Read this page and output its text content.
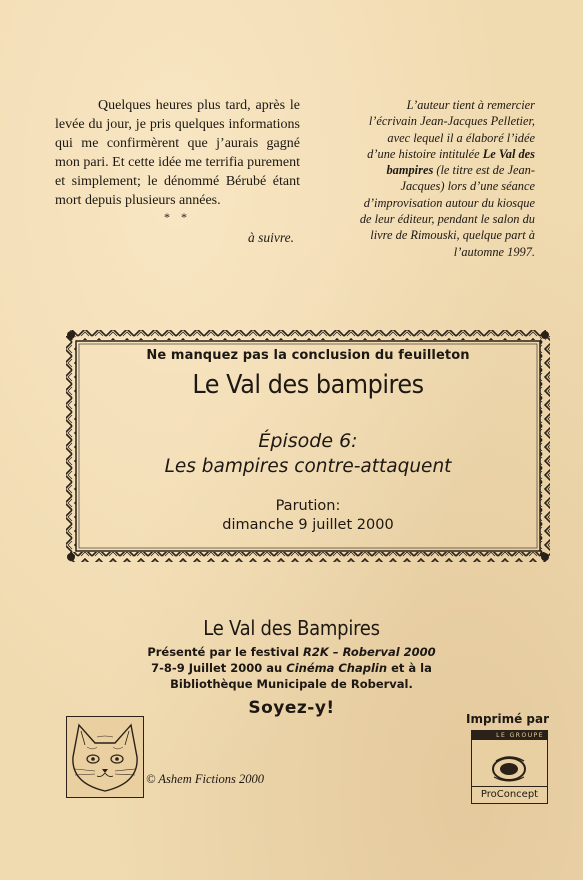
Quelques heures plus tard, après le levée du jour, je pris quelques informations qui me confirmèrent que j’aurais gagné mon pari. Et cette idée me terrifia purement et simplement; le dénommé Bérubé étant mort depuis plusieurs années.

* *
à suivre.
L’auteur tient à remercier l’écrivain Jean-Jacques Pelletier, avec lequel il a élaboré l’idée d’une histoire intitulée Le Val des bampires (le titre est de Jean-Jacques) lors d’une séance d’improvisation autour du kiosque de leur éditeur, pendant le salon du livre de Rimouski, quelque part à l’automne 1997.
Ne manquez pas la conclusion du feuilleton
Le Val des bampires
Épisode 6:
Les bampires contre-attaquent
Parution:
dimanche 9 juillet 2000
Le Val des Bampires
Présenté par le festival R2K – Roberval 2000
7-8-9 Juillet 2000 au Cinéma Chaplin et à la
Bibliothèque Municipale de Roberval.
Soyez-y!
© Ashem Fictions 2000
Imprimé par
LE GROUPE
ProConcept
